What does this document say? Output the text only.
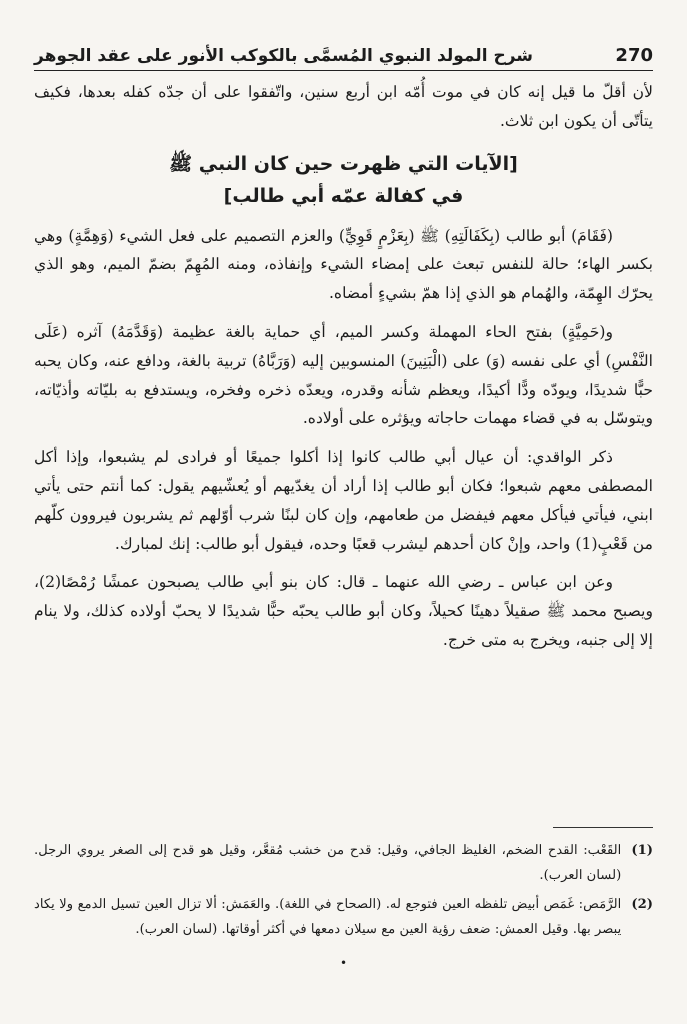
270
شرح المولد النبوي المُسمَّى بالكوكب الأنور على عقد الجوهر

لأن أقلّ ما قيل إنه كان في موت أُمّه ابن أربع سنين، واتّفقوا على أن جدّه كفله بعدها، فكيف يتأتّى أن يكون ابن ثلاث.

[الآيات التي ظهرت حين كان النبي ﷺ
في كفالة عمّه أبي طالب]

(فَقَامَ) أبو طالب (بِكَفَالَتِهِ) ﷺ (بِعَزْمٍ قَوِيٍّ) والعزم التصميم على فعل الشيء (وَهِمَّةٍ) وهي بكسر الهاء؛ حالة للنفس تبعث على إمضاء الشيء وإنفاذه، ومنه المُهِمّ بضمّ الميم، وهو الذي يحرّك الهِمّة، والهُمام هو الذي إذا همّ بشيءٍ أمضاه.

و(حَمِيَّةٍ) بفتح الحاء المهملة وكسر الميم، أي حماية بالغة عظيمة (وَقَدَّمَهُ) آثره (عَلَى النَّفْسِ) أي على نفسه (وَ) على (الْبَنِينَ) المنسوبين إليه (وَرَبَّاهُ) تربية بالغة، ودافع عنه، وكان يحبه حبًّا شديدًا، ويودّه ودًّا أكيدًا، ويعظم شأنه وقدره، ويعدّه ذخره وفخره، ويستدفع به بليّاته وأذيّاته، ويتوسّل به في قضاء مهمات حاجاته ويؤثره على أولاده.

ذكر الواقدي: أن عيال أبي طالب كانوا إذا أكلوا جميعًا أو فرادى لم يشبعوا، وإذا أكل المصطفى معهم شبعوا؛ فكان أبو طالب إذا أراد أن يغدّيهم أو يُعشّيهم يقول: كما أنتم حتى يأتي ابني، فيأتي فيأكل معهم فيفضل من طعامهم، وإن كان لبنًا شرب أوّلهم ثم يشربون فيروون كلّهم من قَعْبٍ(1) واحد، وإنْ كان أحدهم ليشرب قعبًا وحده، فيقول أبو طالب: إنك لمبارك.

وعن ابن عباس ـ رضي الله عنهما ـ قال: كان بنو أبي طالب يصبحون عمشًا رُمْصًا(2)، ويصبح محمد ﷺ صقيلاً دهينًا كحيلاً، وكان أبو طالب يحبّه حبًّا شديدًا لا يحبّ أولاده كذلك، ولا ينام إلا إلى جنبه، ويخرج به متى خرج.

(1)
القَعْب: القدح الضخم، الغليظ الجافي، وقيل: قدح من خشب مُقعَّر، وقيل هو قدح إلى الصغر يروي الرجل. (لسان العرب).
(2)
الرَّمَص: غَمَص أبيض تلفظه العين فتوجع له. (الصحاح في اللغة). والعَمَش: ألا تزال العين تسيل الدمع ولا يكاد يبصر بها. وقيل العمش: ضعف رؤية العين مع سيلان دمعها في أكثر أوقاتها. (لسان العرب).
•
